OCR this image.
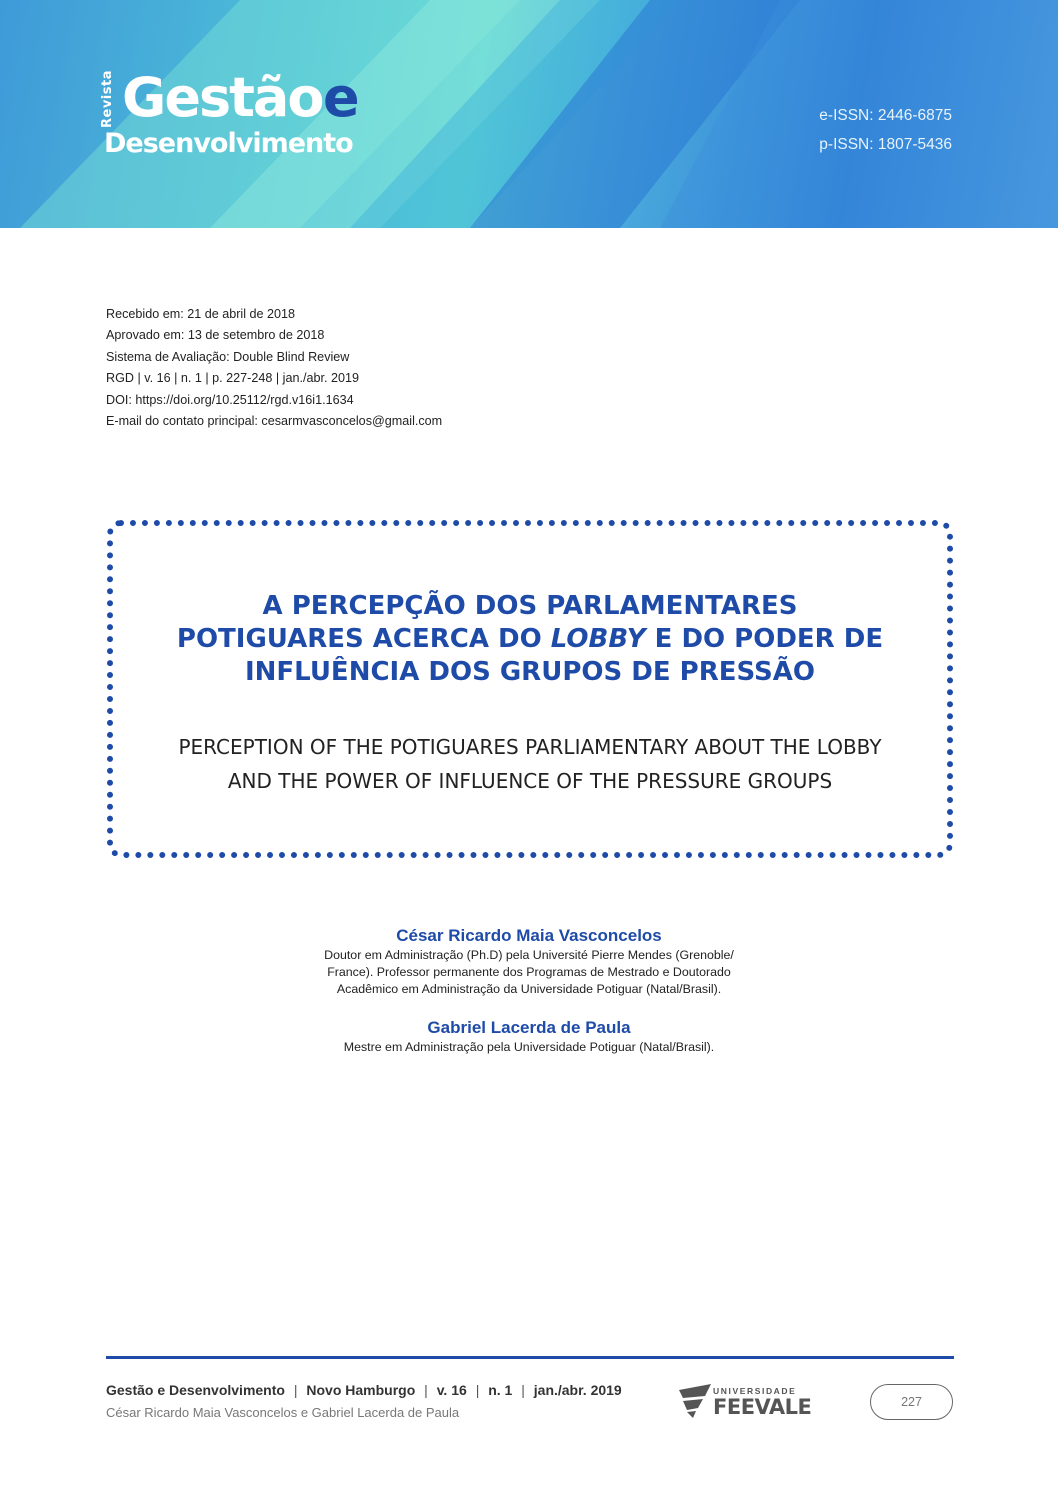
Revista Gestão e
Desenvolvimento
e-ISSN: 2446-6875
p-ISSN: 1807-5436
Recebido em: 21 de abril de 2018
Aprovado em: 13 de setembro de 2018
Sistema de Avaliação: Double Blind Review
RGD | v. 16 | n. 1 | p. 227-248 | jan./abr. 2019
DOI: https://doi.org/10.25112/rgd.v16i1.1634
E-mail do contato principal: cesarmvasconcelos@gmail.com
A PERCEPÇÃO DOS PARLAMENTARES
POTIGUARES ACERCA DO LOBBY E DO PODER DE
INFLUÊNCIA DOS GRUPOS DE PRESSÃO
PERCEPTION OF THE POTIGUARES PARLIAMENTARY ABOUT THE LOBBY
AND THE POWER OF INFLUENCE OF THE PRESSURE GROUPS
César Ricardo Maia Vasconcelos
Doutor em Administração (Ph.D) pela Université Pierre Mendes (Grenoble/
France). Professor permanente dos Programas de Mestrado e Doutorado
Acadêmico em Administração da Universidade Potiguar (Natal/Brasil).
Gabriel Lacerda de Paula
Mestre em Administração pela Universidade Potiguar (Natal/Brasil).
Gestão e Desenvolvimento | Novo Hamburgo | v. 16 | n. 1 | jan./abr. 2019
César Ricardo Maia Vasconcelos e Gabriel Lacerda de Paula
UNIVERSIDADE
FEEVALE	227
